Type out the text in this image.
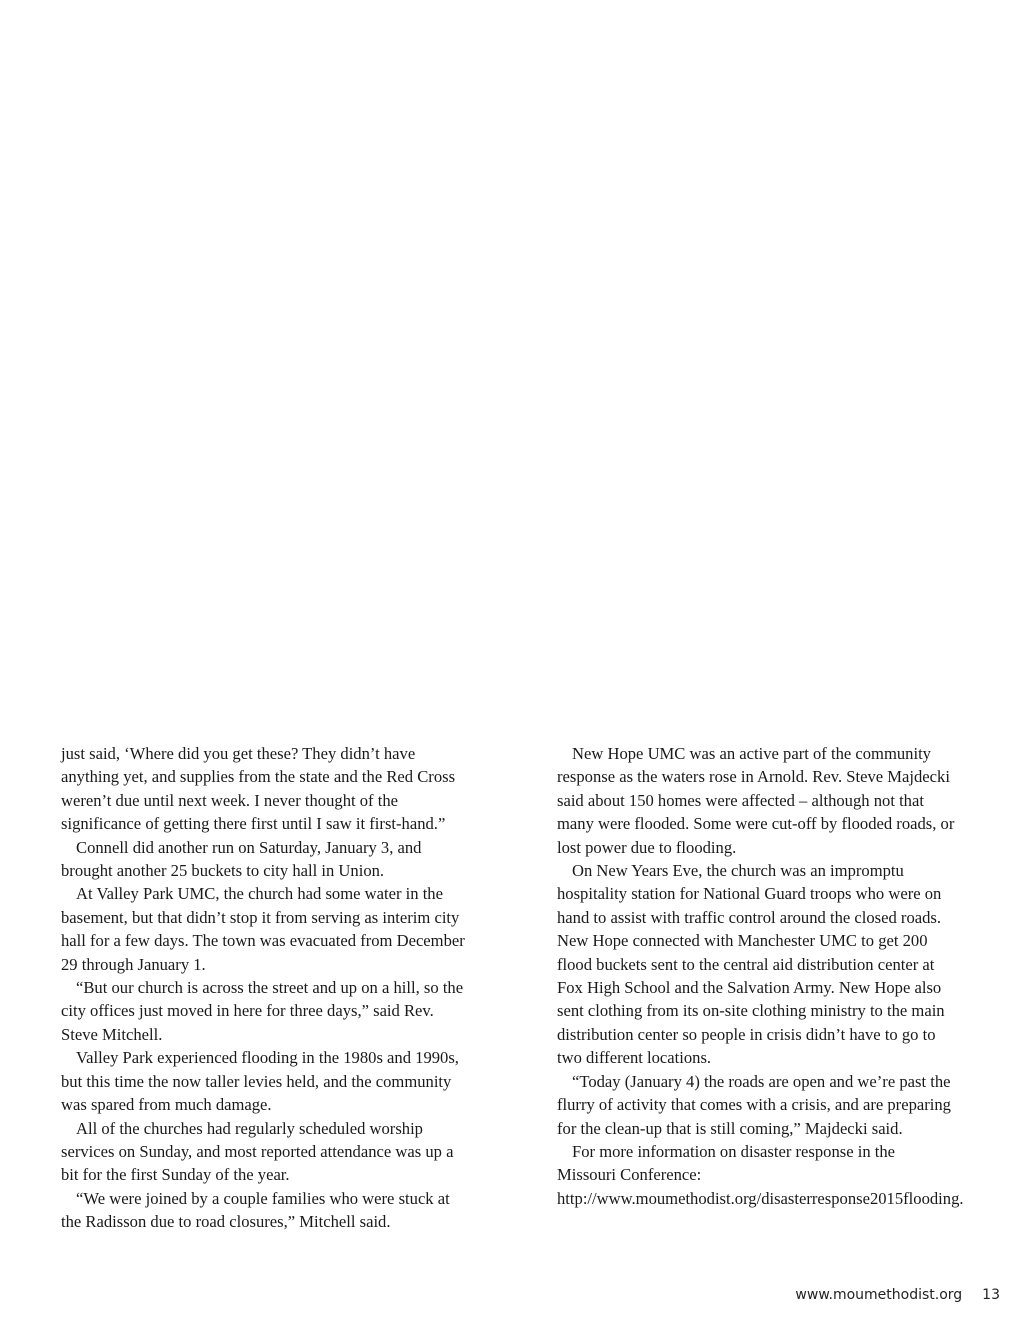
just said, ‘Where did you get these? They didn’t have anything yet, and supplies from the state and the Red Cross weren’t due until next week. I never thought of the significance of getting there first until I saw it first-hand.”

Connell did another run on Saturday, January 3, and brought another 25 buckets to city hall in Union.

At Valley Park UMC, the church had some water in the basement, but that didn’t stop it from serving as interim city hall for a few days. The town was evacuated from December 29 through January 1.

“But our church is across the street and up on a hill, so the city offices just moved in here for three days,” said Rev. Steve Mitchell.

Valley Park experienced flooding in the 1980s and 1990s, but this time the now taller levies held, and the community was spared from much damage.

All of the churches had regularly scheduled worship services on Sunday, and most reported attendance was up a bit for the first Sunday of the year.

“We were joined by a couple families who were stuck at the Radisson due to road closures,” Mitchell said.

New Hope UMC was an active part of the community response as the waters rose in Arnold. Rev. Steve Majdecki said about 150 homes were affected – although not that many were flooded. Some were cut-off by flooded roads, or lost power due to flooding.

On New Years Eve, the church was an impromptu hospitality station for National Guard troops who were on hand to assist with traffic control around the closed roads. New Hope connected with Manchester UMC to get 200 flood buckets sent to the central aid distribution center at Fox High School and the Salvation Army. New Hope also sent clothing from its on-site clothing ministry to the main distribution center so people in crisis didn’t have to go to two different locations.

“Today (January 4) the roads are open and we’re past the flurry of activity that comes with a crisis, and are preparing for the clean-up that is still coming,” Majdecki said.

For more information on disaster response in the Missouri Conference: http://www.moumethodist.org/disasterresponse2015flooding.

www.moumethodist.org 13
